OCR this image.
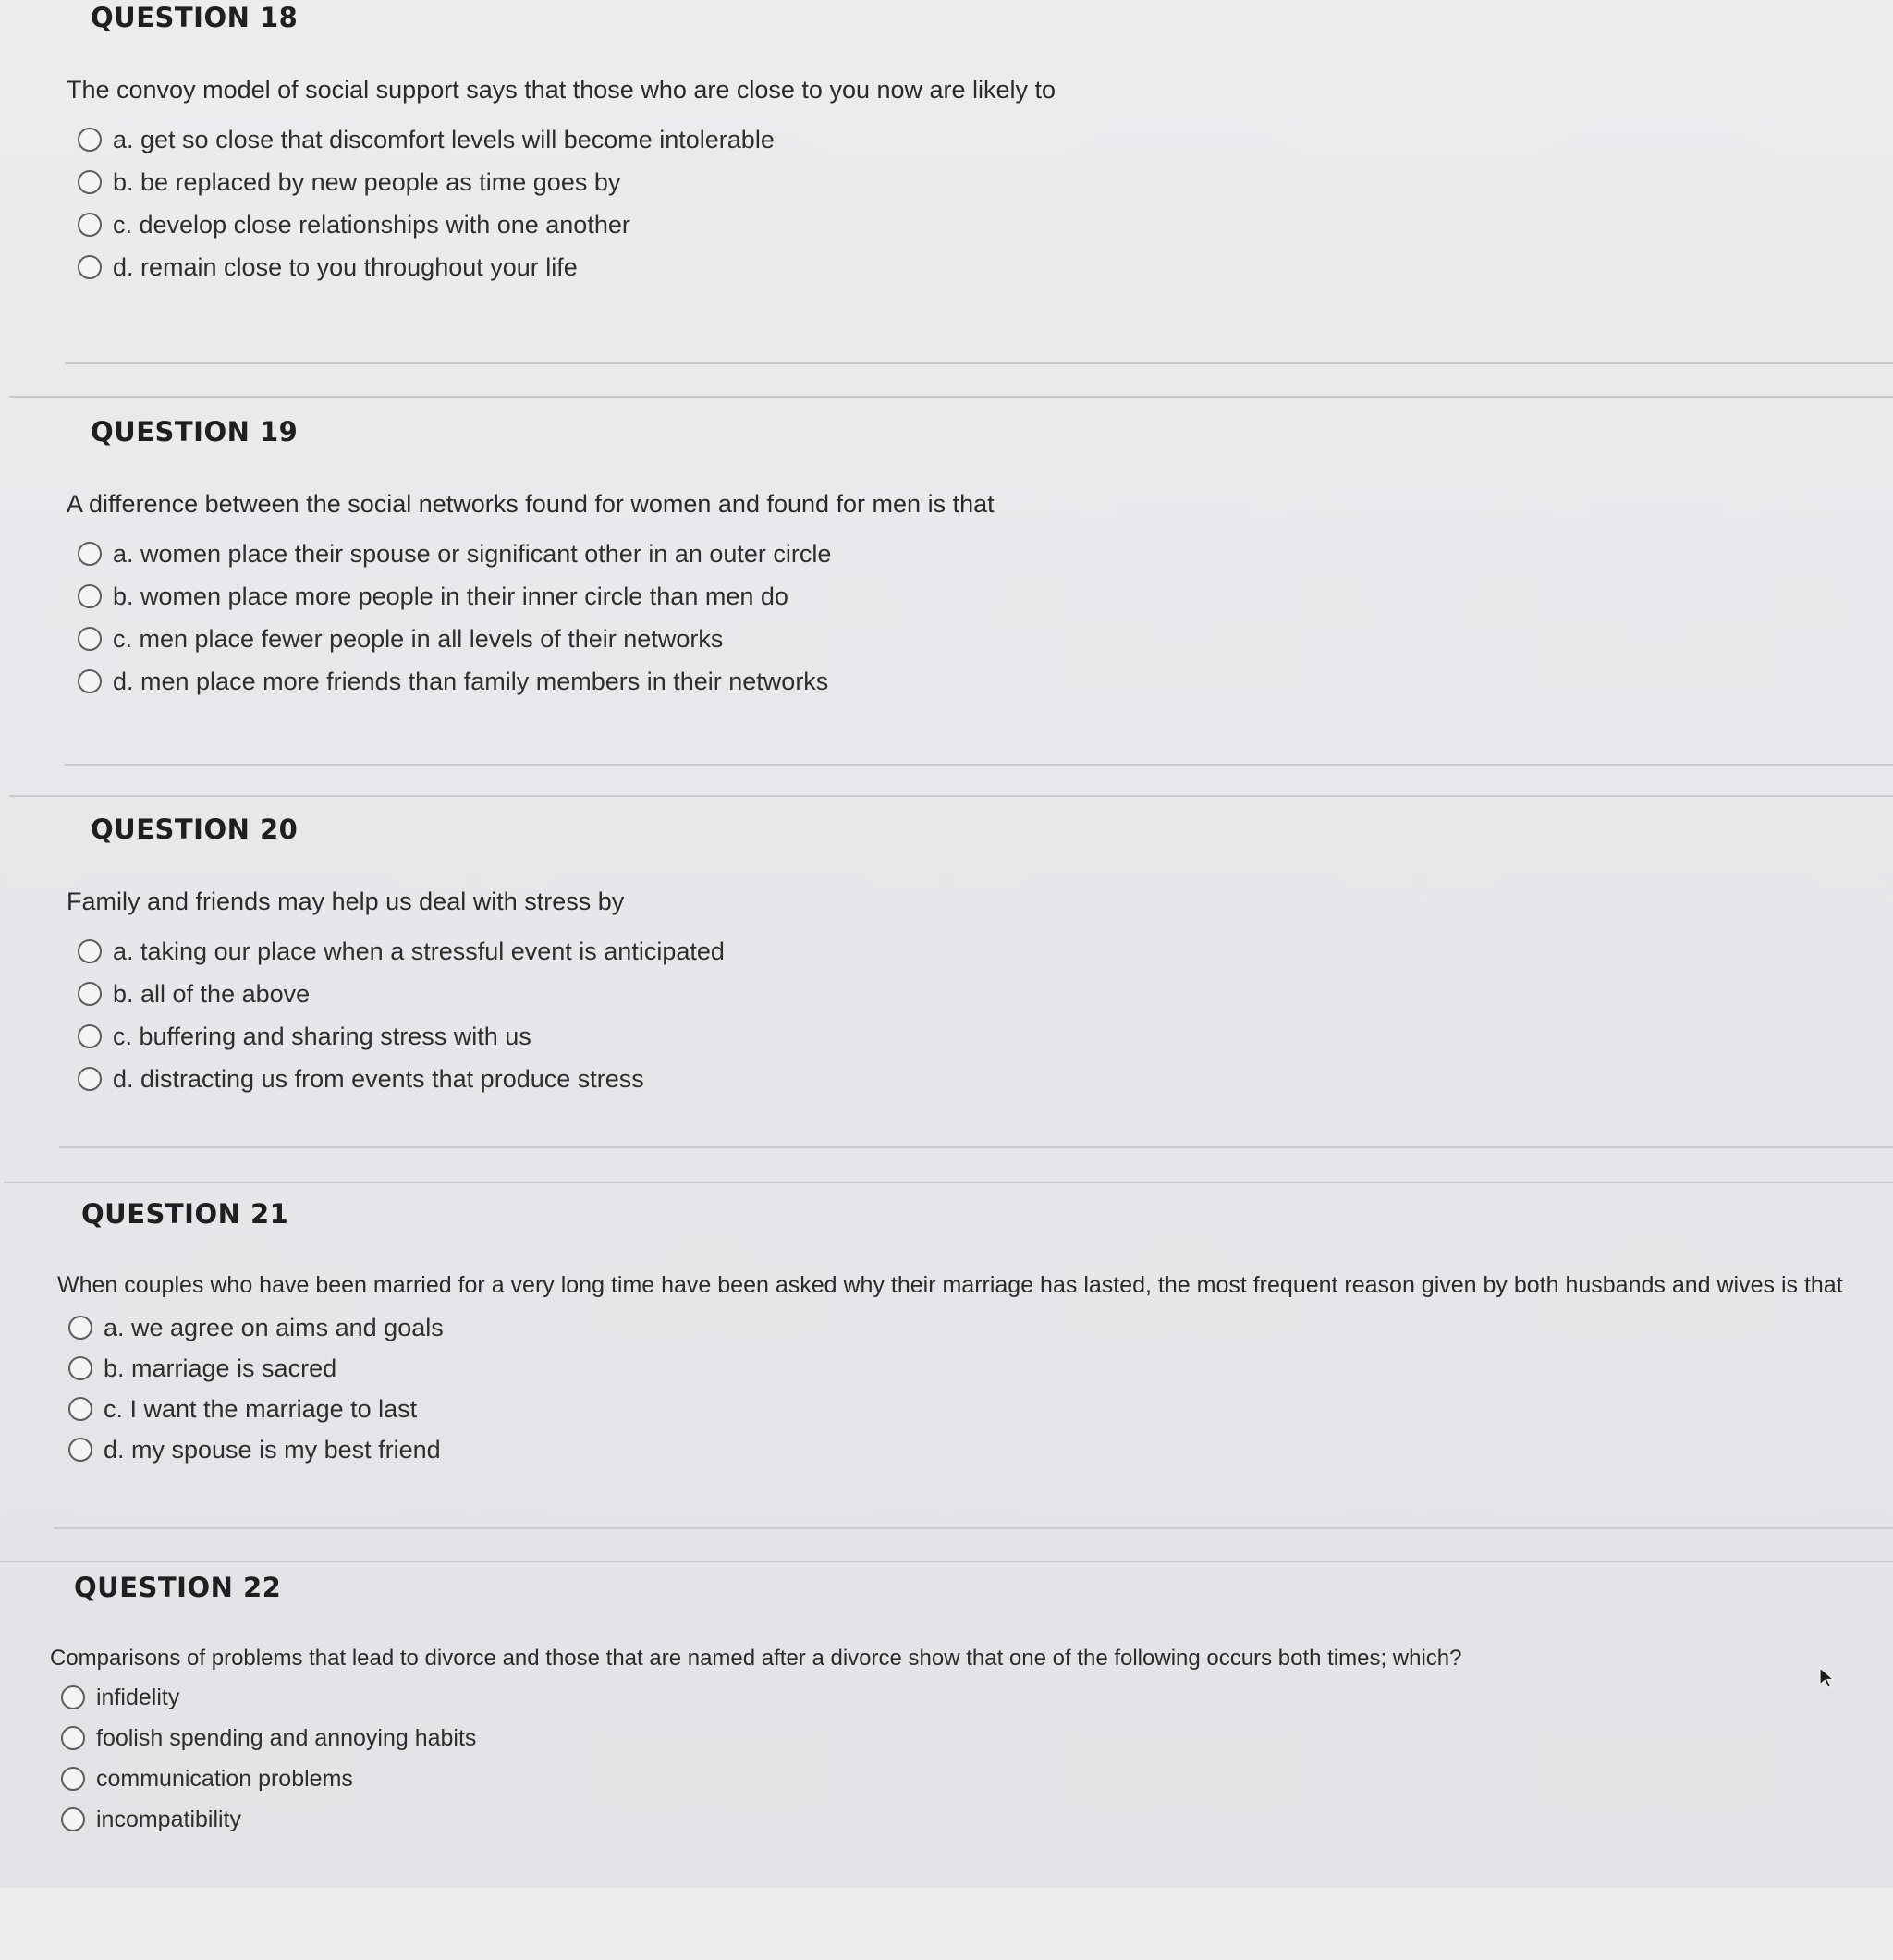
QUESTION 18
The convoy model of social support says that those who are close to you now are likely to
a. get so close that discomfort levels will become intolerable
b. be replaced by new people as time goes by
c. develop close relationships with one another
d. remain close to you throughout your life
QUESTION 19
A difference between the social networks found for women and found for men is that
a. women place their spouse or significant other in an outer circle
b. women place more people in their inner circle than men do
c. men place fewer people in all levels of their networks
d. men place more friends than family members in their networks
QUESTION 20
Family and friends may help us deal with stress by
a. taking our place when a stressful event is anticipated
b. all of the above
c. buffering and sharing stress with us
d. distracting us from events that produce stress
QUESTION 21
When couples who have been married for a very long time have been asked why their marriage has lasted, the most frequent reason given by both husbands and wives is that
a. we agree on aims and goals
b. marriage is sacred
c. I want the marriage to last
d. my spouse is my best friend
QUESTION 22
Comparisons of problems that lead to divorce and those that are named after a divorce show that one of the following occurs both times; which?
infidelity
foolish spending and annoying habits
communication problems
incompatibility
